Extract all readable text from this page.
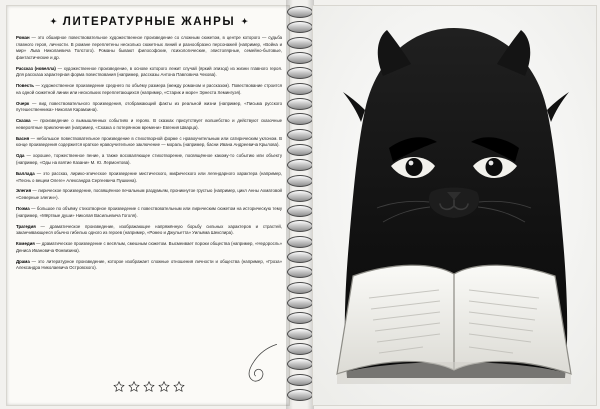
✦ ЛИТЕРАТУРНЫЕ ЖАНРЫ ✦

Роман — это обширное повествовательное художественное произведение со сложным сюжетом, в центре которого — судьба главного героя, личности. В романе переплетены несколько сюжетных линий и разнообразно персонажей (например, «Война и мир» Льва Николаевича Толстого). Романы бывают философские, психологические, эпистолярные, семейно-бытовые, фантастические и др.

Рассказ (новелла) — художественное произведение, в основе которого лежит случай (яркий эпизод) из жизни главного героя. Для рассказа характерная форма повествования (например, рассказы Антона Павловича Чехова).

Повесть — художественное произведение среднего по объёму размера (между романом и рассказом). Повествование строится на одной сюжетной линии или нескольких переплетающихся (например, «Старик и море» Эрнеста Хемингуэя).

Очерк — вид повествовательного произведения, отображающий факты из реальной жизни (например, «Письма русского путешественника» Николая Карамзина).

Сказка — произведение о вымышленных событиях и героях. В сказках присутствует волшебство и действуют сказочные невероятные приключения (например, «Сказка о потерянном времени» Евгения Шварца).

Басня — небольшое повествовательное произведение в стихотворной форме с нравоучительным или сатирическим уклоном. В конце произведения содержится краткое нравоучительное заключение — мораль (например, басни Ивана Андреевича Крылова).

Ода — хорошее, торжественное пение, а также восхваляющее стихотворение, посвящённое какому-то событию или объекту (например, «Оды на взятие Казани» М. Ю. Лермонтова).

Баллада — это рассказ, лирико-эпическое произведение мистического, мифического или легендарного характера (например, «Песнь о вещем Олеге» Александра Сергеевича Пушкина).

Элегия — лирическое произведение, посвящённое печальным раздумьям, проникнутое грустью (например, цикл Анны Ахматовой «Северные элегии»).

Поэма — большое по объёму стихотворное произведение с повествовательным или лирическим сюжетом на историческую тему (например, «Мёртвые души» Николая Васильевича Гоголя).

Трагедия — драматическое произведение, изображающее напряжённую борьбу сильных характеров и страстей, заканчивающееся обычно гибелью одного из героев (например, «Ромео и Джульетта» Уильяма Шекспира).

Комедия — драматическое произведение с весёлым, смешным сюжетом. Высмеивает пороки общества (например, «Недоросль» Дениса Ивановича Фонвизина).

Драма — это литературное произведение, которое изображает сложные отношения личности и общества (например, «Гроза» Александра Николаевича Островского).
